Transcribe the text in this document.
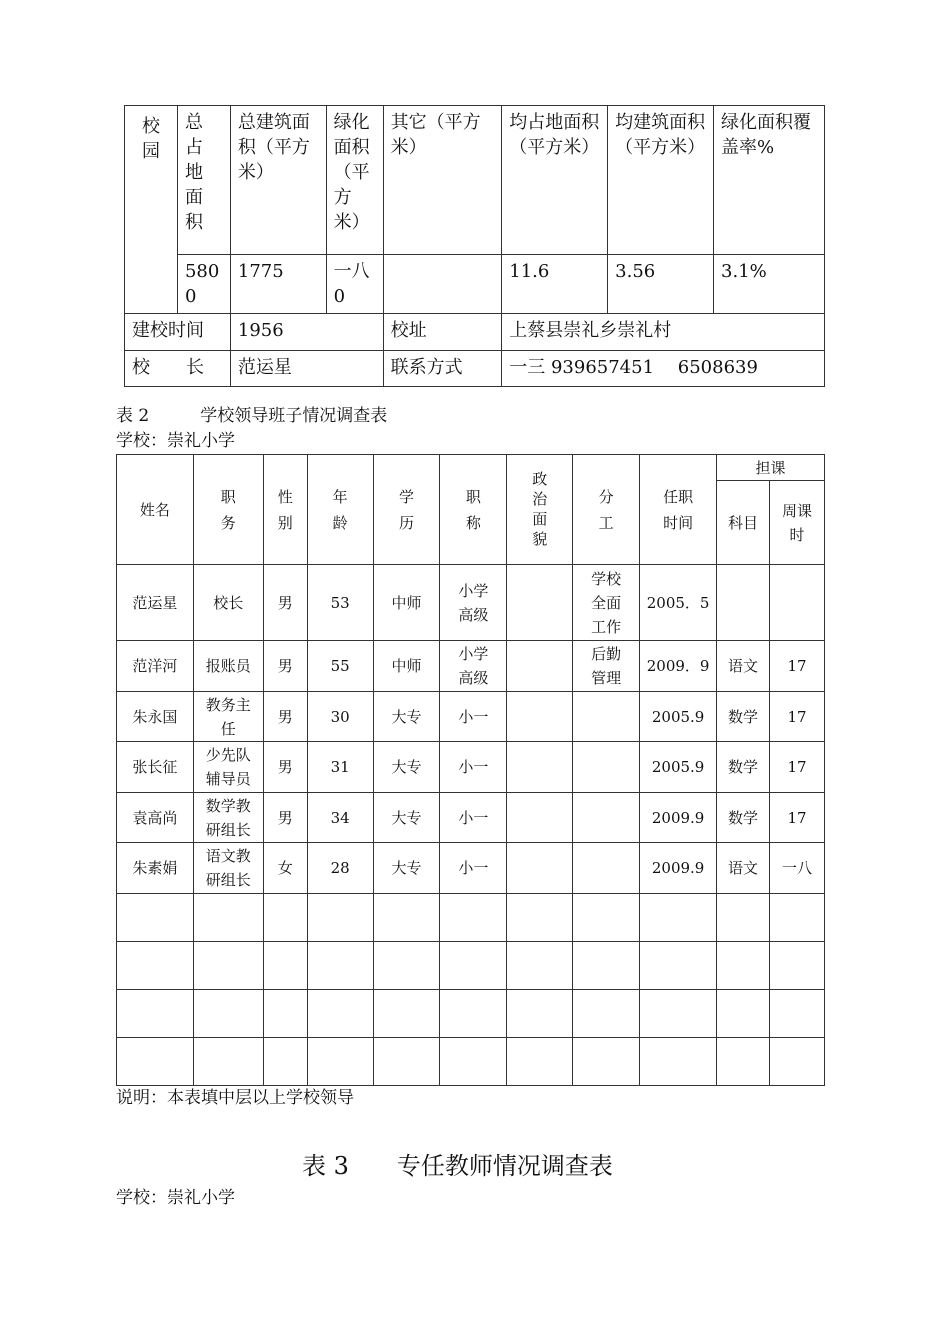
校园	总占地面积	总建筑面积（平方米）	绿化面积（平方米）	其它（平方米）	均占地面积（平方米）	均建筑面积（平方米）	绿化面积覆盖率%
	5800	1775	一八0		11.6	3.56	3.1%
建校时间		1956		校址	上蔡县崇礼乡崇礼村		
校　　长		范运星		联系方式	一三 939657451　 6508639		
表 2　　　学校领导班子情况调查表
学校：崇礼小学
姓名	职务	性别	年龄	学历	职称	政治面貌	分工	任职时间	担课	
									科目	周课时
范运星	校长	男	53	中师	小学高级		学校全面工作	2005．5		
范洋河	报账员	男	55	中师	小学高级		后勤管理	2009．9	语文	17
朱永国	教务主任	男	30	大专	小一			2005.9	数学	17
张长征	少先队辅导员	男	31	大专	小一			2005.9	数学	17
袁高尚	数学教研组长	男	34	大专	小一			2009.9	数学	17
朱素娟	语文教研组长	女	28	大专	小一			2009.9	语文	一八

说明：本表填中层以上学校领导
表 3　　专任教师情况调查表
学校：崇礼小学
